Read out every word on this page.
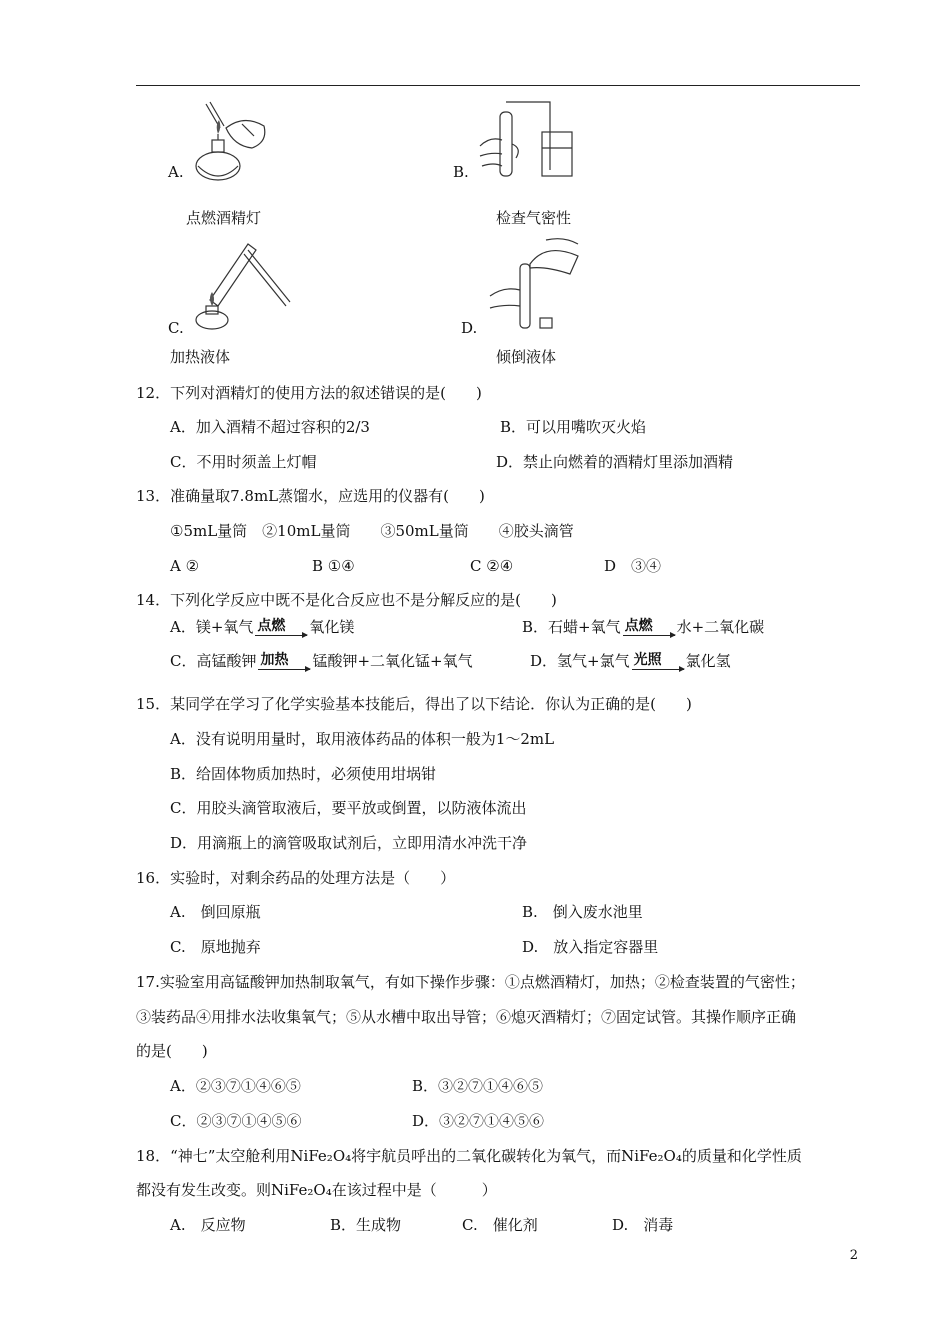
A.	B.
点燃酒精灯	检查气密性
C.	D.
加热液体	倾倒液体
12．下列对酒精灯的使用方法的叙述错误的是(　　)
A．加入酒精不超过容积的2/3	B．可以用嘴吹灭火焰
C．不用时须盖上灯帽	D．禁止向燃着的酒精灯里添加酒精
13．准确量取7.8mL蒸馏水，应选用的仪器有(　　)
①5mL量筒　②10mL量筒　　③50mL量筒　　④胶头滴管
A ②	B ①④	C ②④	D　③④
14．下列化学反应中既不是化合反应也不是分解反应的是(　　)
A．镁+氧气 点燃 氧化镁	B．石蜡+氧气 点燃 水+二氧化碳
C．高锰酸钾 加热 锰酸钾+二氧化锰+氧气	D．氢气+氯气 光照 氯化氢
15．某同学在学习了化学实验基本技能后，得出了以下结论．你认为正确的是(　　)
A．没有说明用量时，取用液体药品的体积一般为1～2mL
B．给固体物质加热时，必须使用坩埚钳
C．用胶头滴管取液后，要平放或倒置，以防液体流出
D．用滴瓶上的滴管吸取试剂后，立即用清水冲洗干净
16．实验时，对剩余药品的处理方法是（　　）
A.　倒回原瓶	B.　倒入废水池里
C.　原地抛弃	D.　放入指定容器里
17.实验室用高锰酸钾加热制取氧气，有如下操作步骤：①点燃酒精灯，加热；②检查装置的气密性；
③装药品④用排水法收集氧气；⑤从水槽中取出导管；⑥熄灭酒精灯；⑦固定试管。其操作顺序正确
的是(　　)
A．②③⑦①④⑥⑤	B．③②⑦①④⑥⑤
C．②③⑦①④⑤⑥	D．③②⑦①④⑤⑥
18．“神七”太空舱利用NiFe₂O₄将宇航员呼出的二氧化碳转化为氧气，而NiFe₂O₄的质量和化学性质
都没有发生改变。则NiFe₂O₄在该过程中是（　　　）
A.　反应物	B．生成物	C.　催化剂	D.　消毒
2
